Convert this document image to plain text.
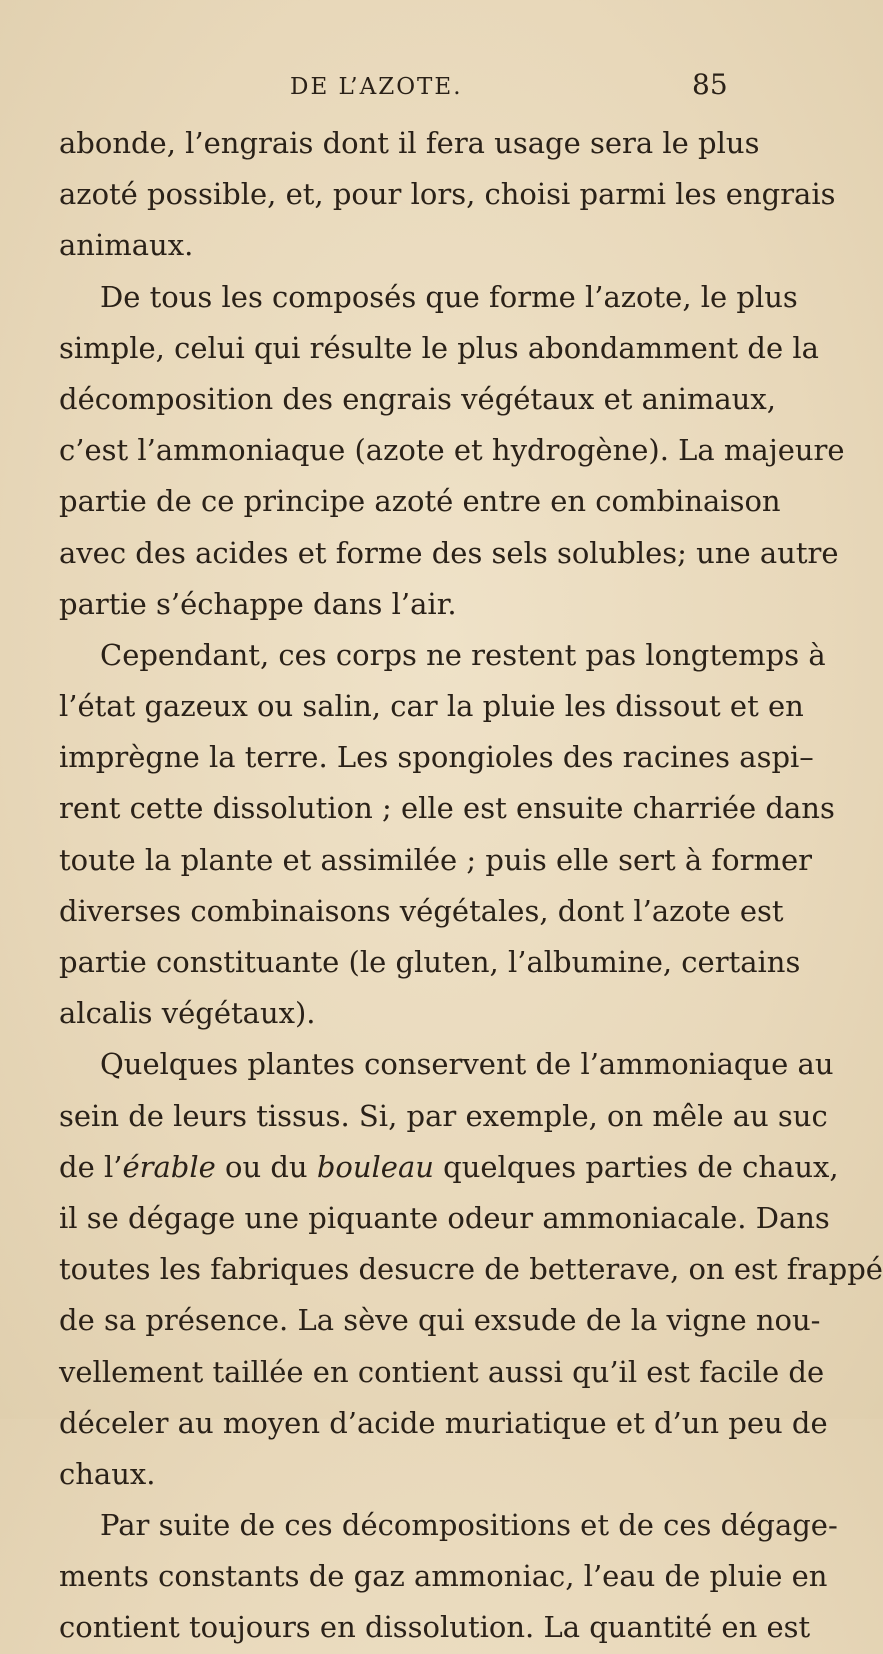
DE L’AZOTE.	85
abonde, l’engrais dont il fera usage sera le plus
azoté possible, et, pour lors, choisi parmi les engrais
animaux.
De tous les composés que forme l’azote, le plus
simple, celui qui résulte le plus abondamment de la
décomposition des engrais végétaux et animaux,
c’est l’ammoniaque (azote et hydrogène). La majeure
partie de ce principe azoté entre en combinaison
avec des acides et forme des sels solubles; une autre
partie s’échappe dans l’air.
Cependant, ces corps ne restent pas longtemps à
l’état gazeux ou salin, car la pluie les dissout et en
imprègne la terre. Les spongioles des racines aspi–
rent cette dissolution ; elle est ensuite charriée dans
toute la plante et assimilée ; puis elle sert à former
diverses combinaisons végétales, dont l’azote est
partie constituante (le gluten, l’albumine, certains
alcalis végétaux).
Quelques plantes conservent de l’ammoniaque au
sein de leurs tissus. Si, par exemple, on mêle au suc
de l’érable ou du bouleau quelques parties de chaux,
il se dégage une piquante odeur ammoniacale. Dans
toutes les fabriques desucre de betterave, on est frappé
de sa présence. La sève qui exsude de la vigne nou-
vellement taillée en contient aussi qu’il est facile de
déceler au moyen d’acide muriatique et d’un peu de
chaux.
Par suite de ces décompositions et de ces dégage-
ments constants de gaz ammoniac, l’eau de pluie en
contient toujours en dissolution. La quantité en est
